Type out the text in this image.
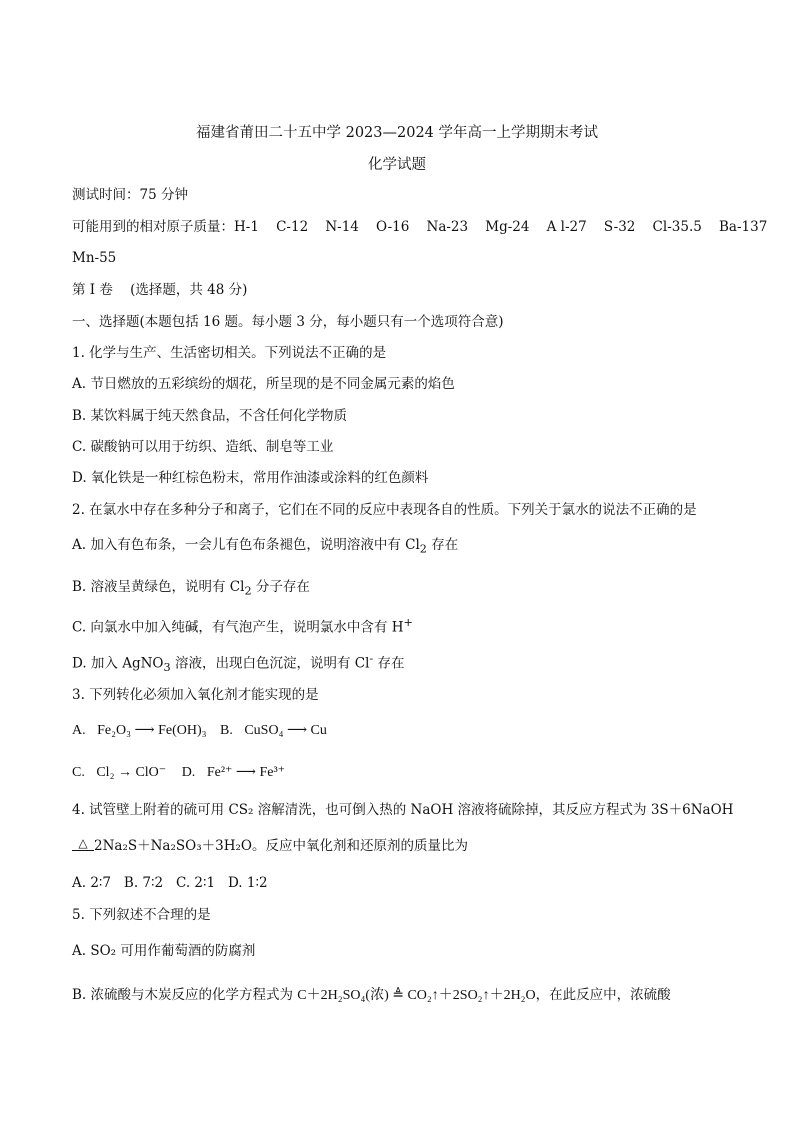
福建省莆田二十五中学 2023—2024 学年高一上学期期末考试
化学试题
测试时间：75 分钟
可能用到的相对原子质量：H-1    C-12    N-14    O-16    Na-23    Mg-24    A l-27    S-32    Cl-35.5    Ba-137
Mn-55
第 I 卷    (选择题，共 48 分)
一、选择题(本题包括 16 题。每小题 3 分，每小题只有一个选项符合意)
1. 化学与生产、生活密切相关。下列说法不正确的是
A. 节日燃放的五彩缤纷的烟花，所呈现的是不同金属元素的焰色
B. 某饮料属于纯天然食品，不含任何化学物质
C. 碳酸钠可以用于纺织、造纸、制皂等工业
D. 氧化铁是一种红棕色粉末，常用作油漆或涂料的红色颜料
2. 在氯水中存在多种分子和离子，它们在不同的反应中表现各自的性质。下列关于氯水的说法不正确的是
A. 加入有色布条，一会儿有色布条褪色，说明溶液中有 $Cl_2$ 存在
B. 溶液呈黄绿色，说明有 $Cl_2$ 分子存在
C. 向氯水中加入纯碱，有气泡产生，说明氯水中含有 H+
D. 加入 AgNO$_3$ 溶液，出现白色沉淀，说明有 Cl- 存在
3. 下列转化必须加入氧化剂才能实现的是
A. Fe₂O₃ ⟶ Fe(OH)₃ B. CuSO₄ ⟶ Cu
C. Cl₂ → ClO⁻ D. Fe²⁺ ⟶ Fe³⁺
4. 试管壁上附着的硫可用 CS₂ 溶解清洗，也可倒入热的 NaOH 溶液将硫除掉，其反应方程式为 3S＋6NaOH
△ 2Na₂S＋Na₂SO₃＋3H₂O。反应中氧化剂和还原剂的质量比为
A. 2∶7   B. 7∶2   C. 2∶1   D. 1∶2
5. 下列叙述不合理的是
A. SO₂ 可用作葡萄酒的防腐剂
B. 浓硫酸与木炭反应的化学方程式为 C＋2H₂SO₄(浓) ≜ CO₂↑＋2SO₂↑＋2H₂O，在此反应中，浓硫酸
